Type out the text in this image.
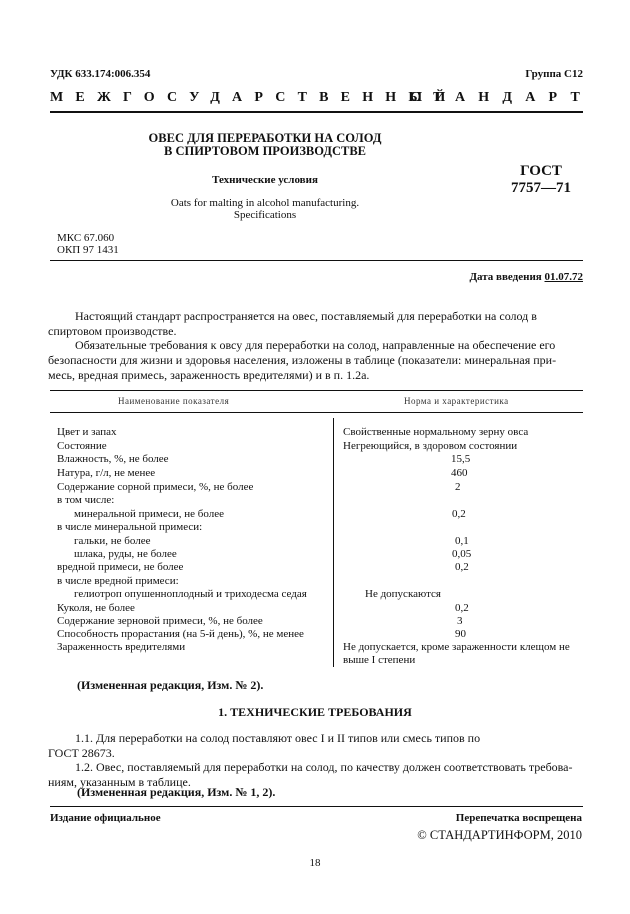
УДК 633.174:006.354	Группа С12
МЕЖГОСУДАРСТВЕННЫЙ
СТАНДАРТ
ОВЕС ДЛЯ ПЕРЕРАБОТКИ НА СОЛОД
В СПИРТОВОМ ПРОИЗВОДСТВЕ
Технические условия
Oats for malting in alcohol manufacturing.
Specifications
ГОСТ
7757—71
МКС 67.060
ОКП 97 1431
Дата введения 01.07.72
Настоящий стандарт распространяется на овес, поставляемый для переработки на солод в
спиртовом производстве.
Обязательные требования к овсу для переработки на солод, направленные на обеспечение его
безопасности для жизни и здоровья населения, изложены в таблице (показатели: минеральная при-
месь, вредная примесь, зараженность вредителями) и в п. 1.2а.
Наименование показателя	Норма и характеристика
Цвет и запах	Свойственные нормальному зерну овса
Состояние	Негреющийся, в здоровом состоянии
Влажность, %, не более	15,5
Натура, г/л, не менее	460
Содержание сорной примеси, %, не более	2
в том числе:
минеральной примеси, не более	0,2
в числе минеральной примеси:
гальки, не более	0,1
шлака, руды, не более	0,05
вредной примеси, не более	0,2
в числе вредной примеси:
гелиотроп опушенноплодный и триходесма седая	Не допускаются
Куколя, не более	0,2
Содержание зерновой примеси, %, не более	3
Способность прорастания (на 5-й день), %, не менее	90
Зараженность вредителями	Не допускается, кроме зараженности клещом не
выше I степени
(Измененная редакция, Изм. № 2).
1. ТЕХНИЧЕСКИЕ ТРЕБОВАНИЯ
1.1. Для переработки на солод поставляют овес I и II типов или смесь типов по
ГОСТ 28673.
1.2. Овес, поставляемый для переработки на солод, по качеству должен соответствовать требова-
ниям, указанным в таблице.
(Измененная редакция, Изм. № 1, 2).
Издание официальное	Перепечатка воспрещена
© СТАНДАРТИНФОРМ, 2010
18
